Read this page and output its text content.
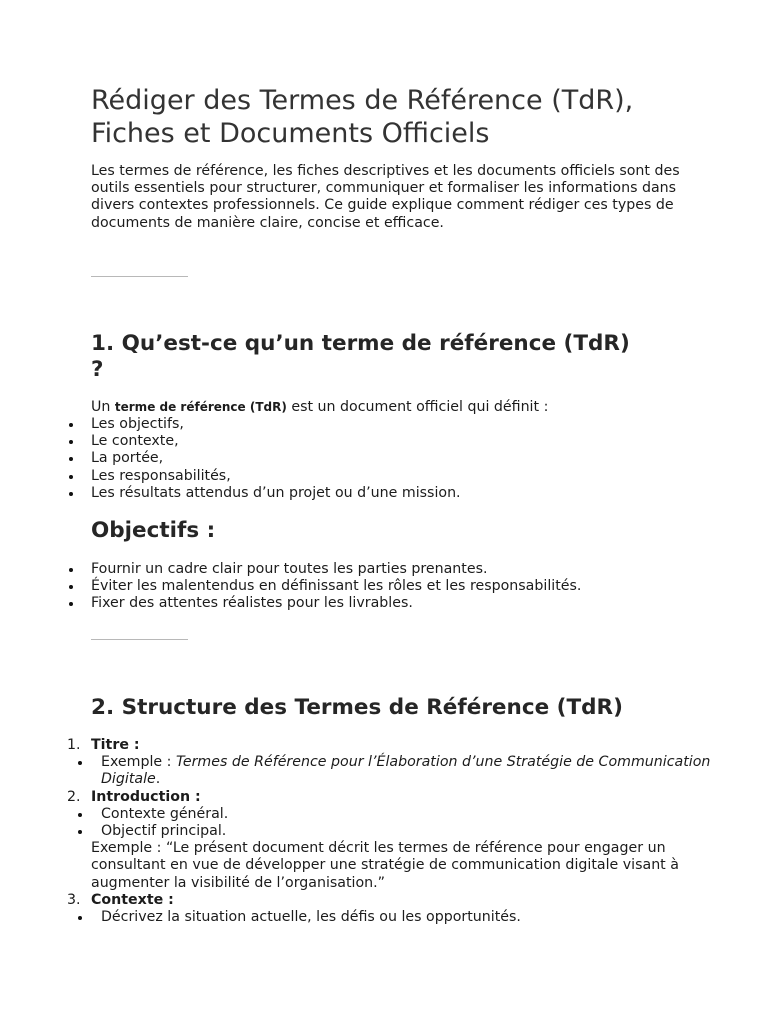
Rédiger des Termes de Référence (TdR),
Fiches et Documents Officiels

Les termes de référence, les fiches descriptives et les documents officiels sont des outils essentiels pour structurer, communiquer et formaliser les informations dans divers contextes professionnels. Ce guide explique comment rédiger ces types de documents de manière claire, concise et efficace.

1. Qu’est-ce qu’un terme de référence (TdR)
?

Un terme de référence (TdR) est un document officiel qui définit :

Les objectifs,
Le contexte,
La portée,
Les responsabilités,
Les résultats attendus d’un projet ou d’une mission.
Objectifs :
Fournir un cadre clair pour toutes les parties prenantes.
Éviter les malentendus en définissant les rôles et les responsabilités.
Fixer des attentes réalistes pour les livrables.
2. Structure des Termes de Référence (TdR)
1. Titre :
Exemple : Termes de Référence pour l’Élaboration d’une Stratégie de Communication Digitale.
2. Introduction :
Contexte général.
Objectif principal.
Exemple : “Le présent document décrit les termes de référence pour engager un consultant en vue de développer une stratégie de communication digitale visant à augmenter la visibilité de l’organisation.”
3. Contexte :
Décrivez la situation actuelle, les défis ou les opportunités.
